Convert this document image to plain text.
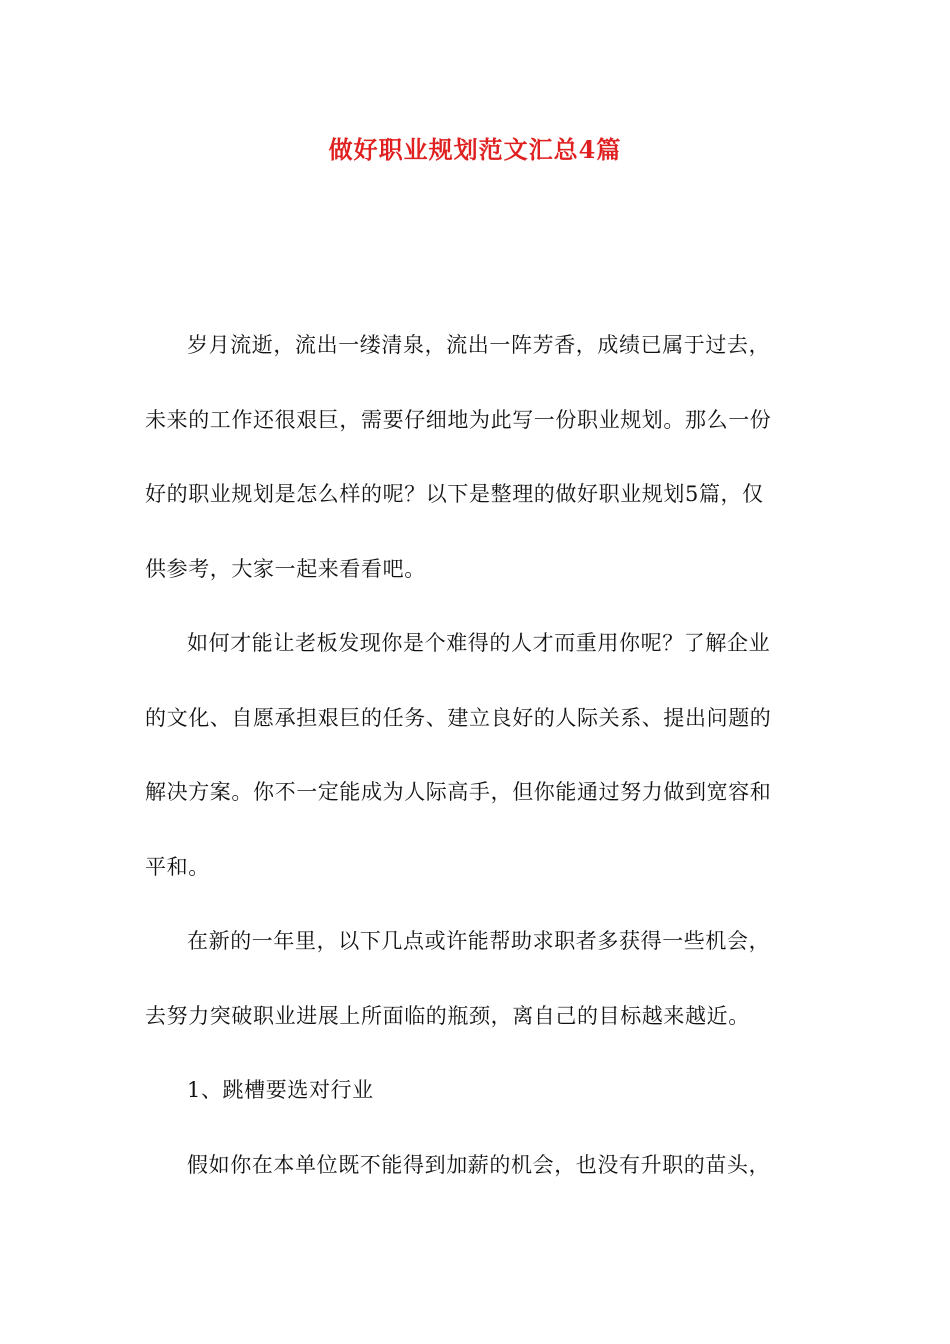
做好职业规划范文汇总4篇

岁月流逝，流出一缕清泉，流出一阵芳香，成绩已属于过去，
未来的工作还很艰巨，需要仔细地为此写一份职业规划。那么一份
好的职业规划是怎么样的呢？以下是整理的做好职业规划5篇，仅
供参考，大家一起来看看吧。

如何才能让老板发现你是个难得的人才而重用你呢？了解企业
的文化、自愿承担艰巨的任务、建立良好的人际关系、提出问题的
解决方案。你不一定能成为人际高手，但你能通过努力做到宽容和
平和。

在新的一年里，以下几点或许能帮助求职者多获得一些机会，
去努力突破职业进展上所面临的瓶颈，离自己的目标越来越近。

1、跳槽要选对行业

假如你在本单位既不能得到加薪的机会，也没有升职的苗头，
